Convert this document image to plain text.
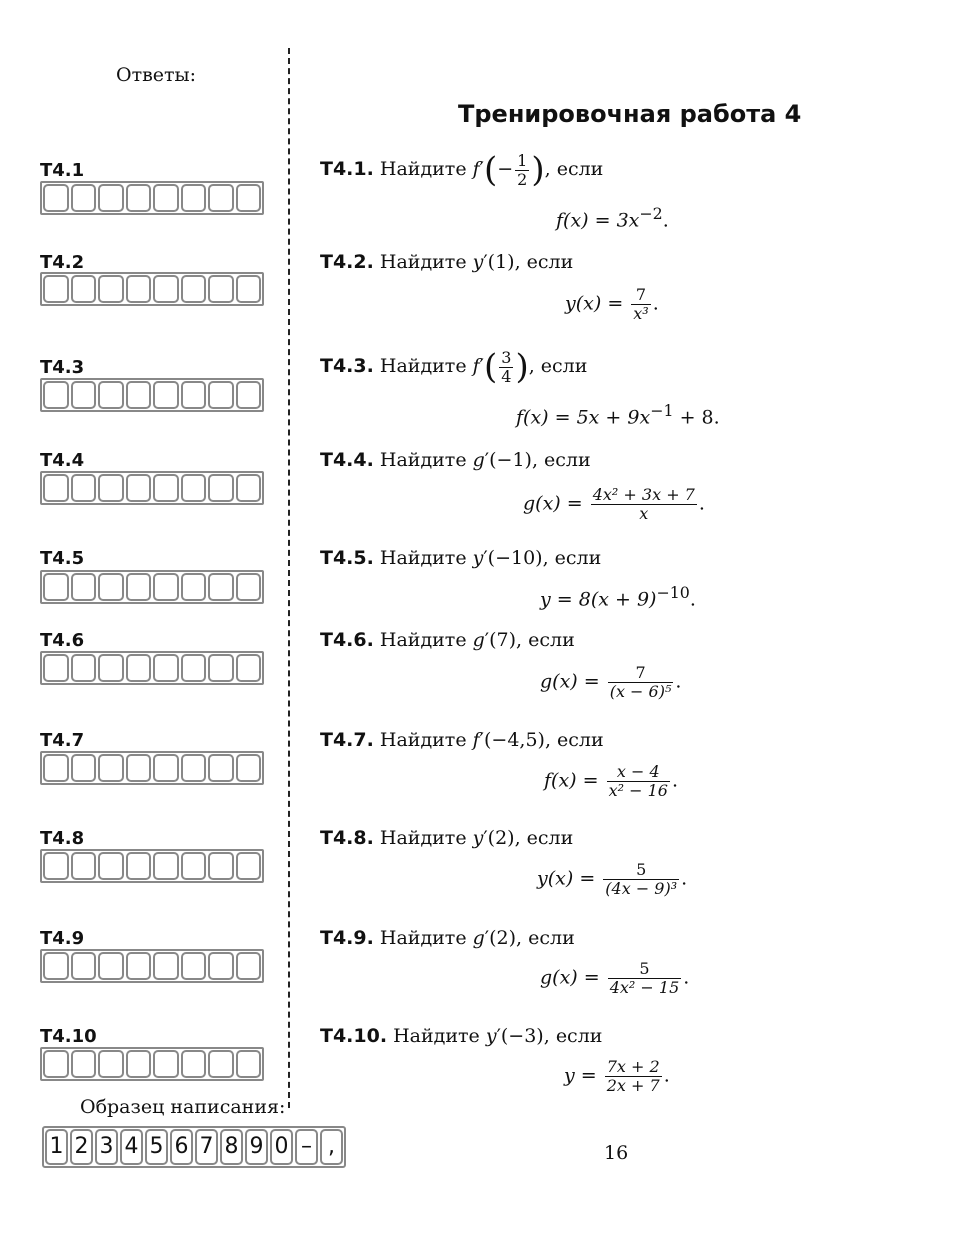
Ответы:
Тренировочная работа 4
T4.1
T4.2
T4.3
T4.4
T4.5
T4.6
T4.7
T4.8
T4.9
T4.10
T4.1. Найдите $f'(- \frac{1}{2}$ ), если
T4.2. Найдите y′(1), если
T4.3. Найдите $f'( \frac{3}{4}$ ), если
T4.4. Найдите g′(−1), если
T4.5. Найдите y′(−10), если
T4.6. Найдите g′(7), если
T4.7. Найдите f′(−4,5), если
T4.8. Найдите y′(2), если
T4.9. Найдите g′(2), если
T4.10. Найдите y′(−3), если
$f(x) = 3x^{-2}$.
$y(x) = \frac{7}{\text{x³}}$ .
$f(x) = 5x + 9x^{-1} + 8$.
$g(x) = \frac{\text{4x² + 3x + 7}}{x}$ .
$y = 8(x + 9)^{-10}$.
$g(x) = \frac{7}{\text{(x − 6)⁵}}$ .
$f(x) = \frac{x - 4}{\text{x² − 16}}$ .
$y(x) = \frac{5}{\text{(4x − 9)³}}$ .
$g(x) = \frac{5}{\text{4x² − 15}}$ .
$y = \frac{7x + 2}{2x + 7}$ .
Образец написания:
1 2 3 4 5 6 7 8 9 0 – ,	16
